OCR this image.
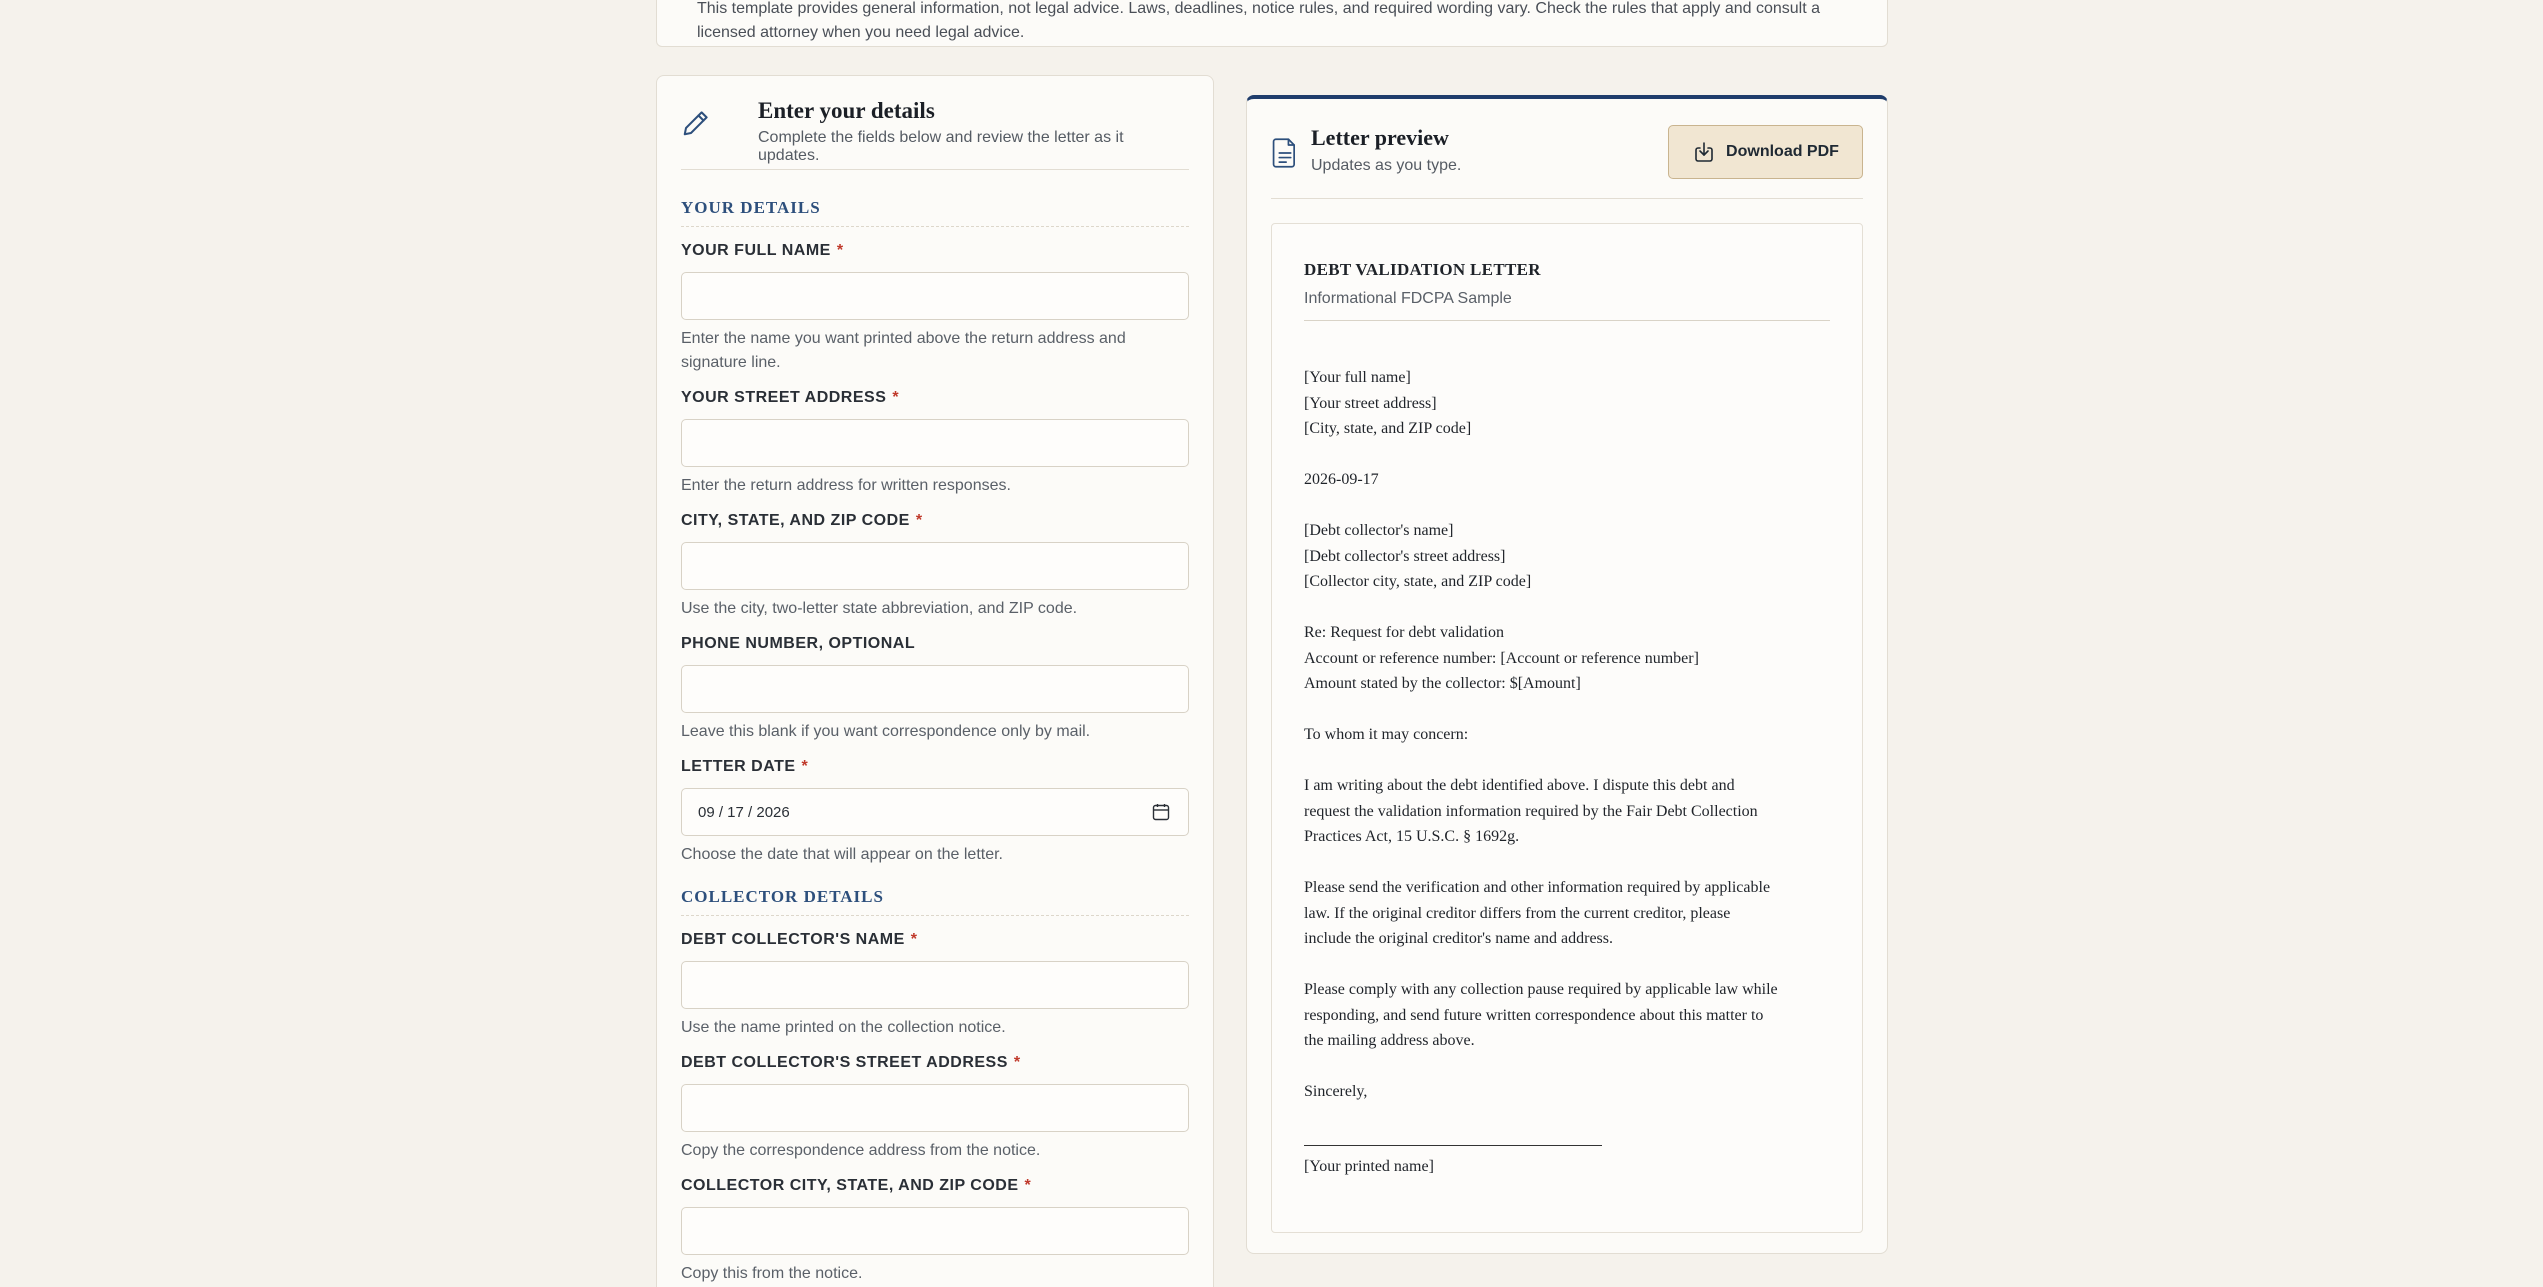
This template provides general information, not legal advice. Laws, deadlines, notice rules, and required wording vary. Check the rules that apply and consult a
licensed attorney when you need legal advice.
Enter your details

Complete the fields below and review the letter as it updates.

YOUR DETAILS
YOUR FULL NAME *
Enter the name you want printed above the return address and signature line.
YOUR STREET ADDRESS *
Enter the return address for written responses.
CITY, STATE, AND ZIP CODE *
Use the city, two-letter state abbreviation, and ZIP code.
PHONE NUMBER, OPTIONAL
Leave this blank if you want correspondence only by mail.
LETTER DATE *
09 / 17 / 2026
Choose the date that will appear on the letter.
COLLECTOR DETAILS
DEBT COLLECTOR'S NAME *
Use the name printed on the collection notice.
DEBT COLLECTOR'S STREET ADDRESS *
Copy the correspondence address from the notice.
COLLECTOR CITY, STATE, AND ZIP CODE *
Copy this from the notice.
Letter preview

Updates as you type.

Download PDF
DEBT VALIDATION LETTER
Informational FDCPA Sample
[Your full name]
[Your street address]
[City, state, and ZIP code]
2026-09-17
[Debt collector's name]
[Debt collector's street address]
[Collector city, state, and ZIP code]
Re: Request for debt validation
Account or reference number: [Account or reference number]
Amount stated by the collector: $[Amount]
To whom it may concern:
I am writing about the debt identified above. I dispute this debt and
request the validation information required by the Fair Debt Collection
Practices Act, 15 U.S.C. § 1692g.
Please send the verification and other information required by applicable
law. If the original creditor differs from the current creditor, please
include the original creditor's name and address.
Please comply with any collection pause required by applicable law while
responding, and send future written correspondence about this matter to
the mailing address above.
Sincerely,
[Your printed name]
